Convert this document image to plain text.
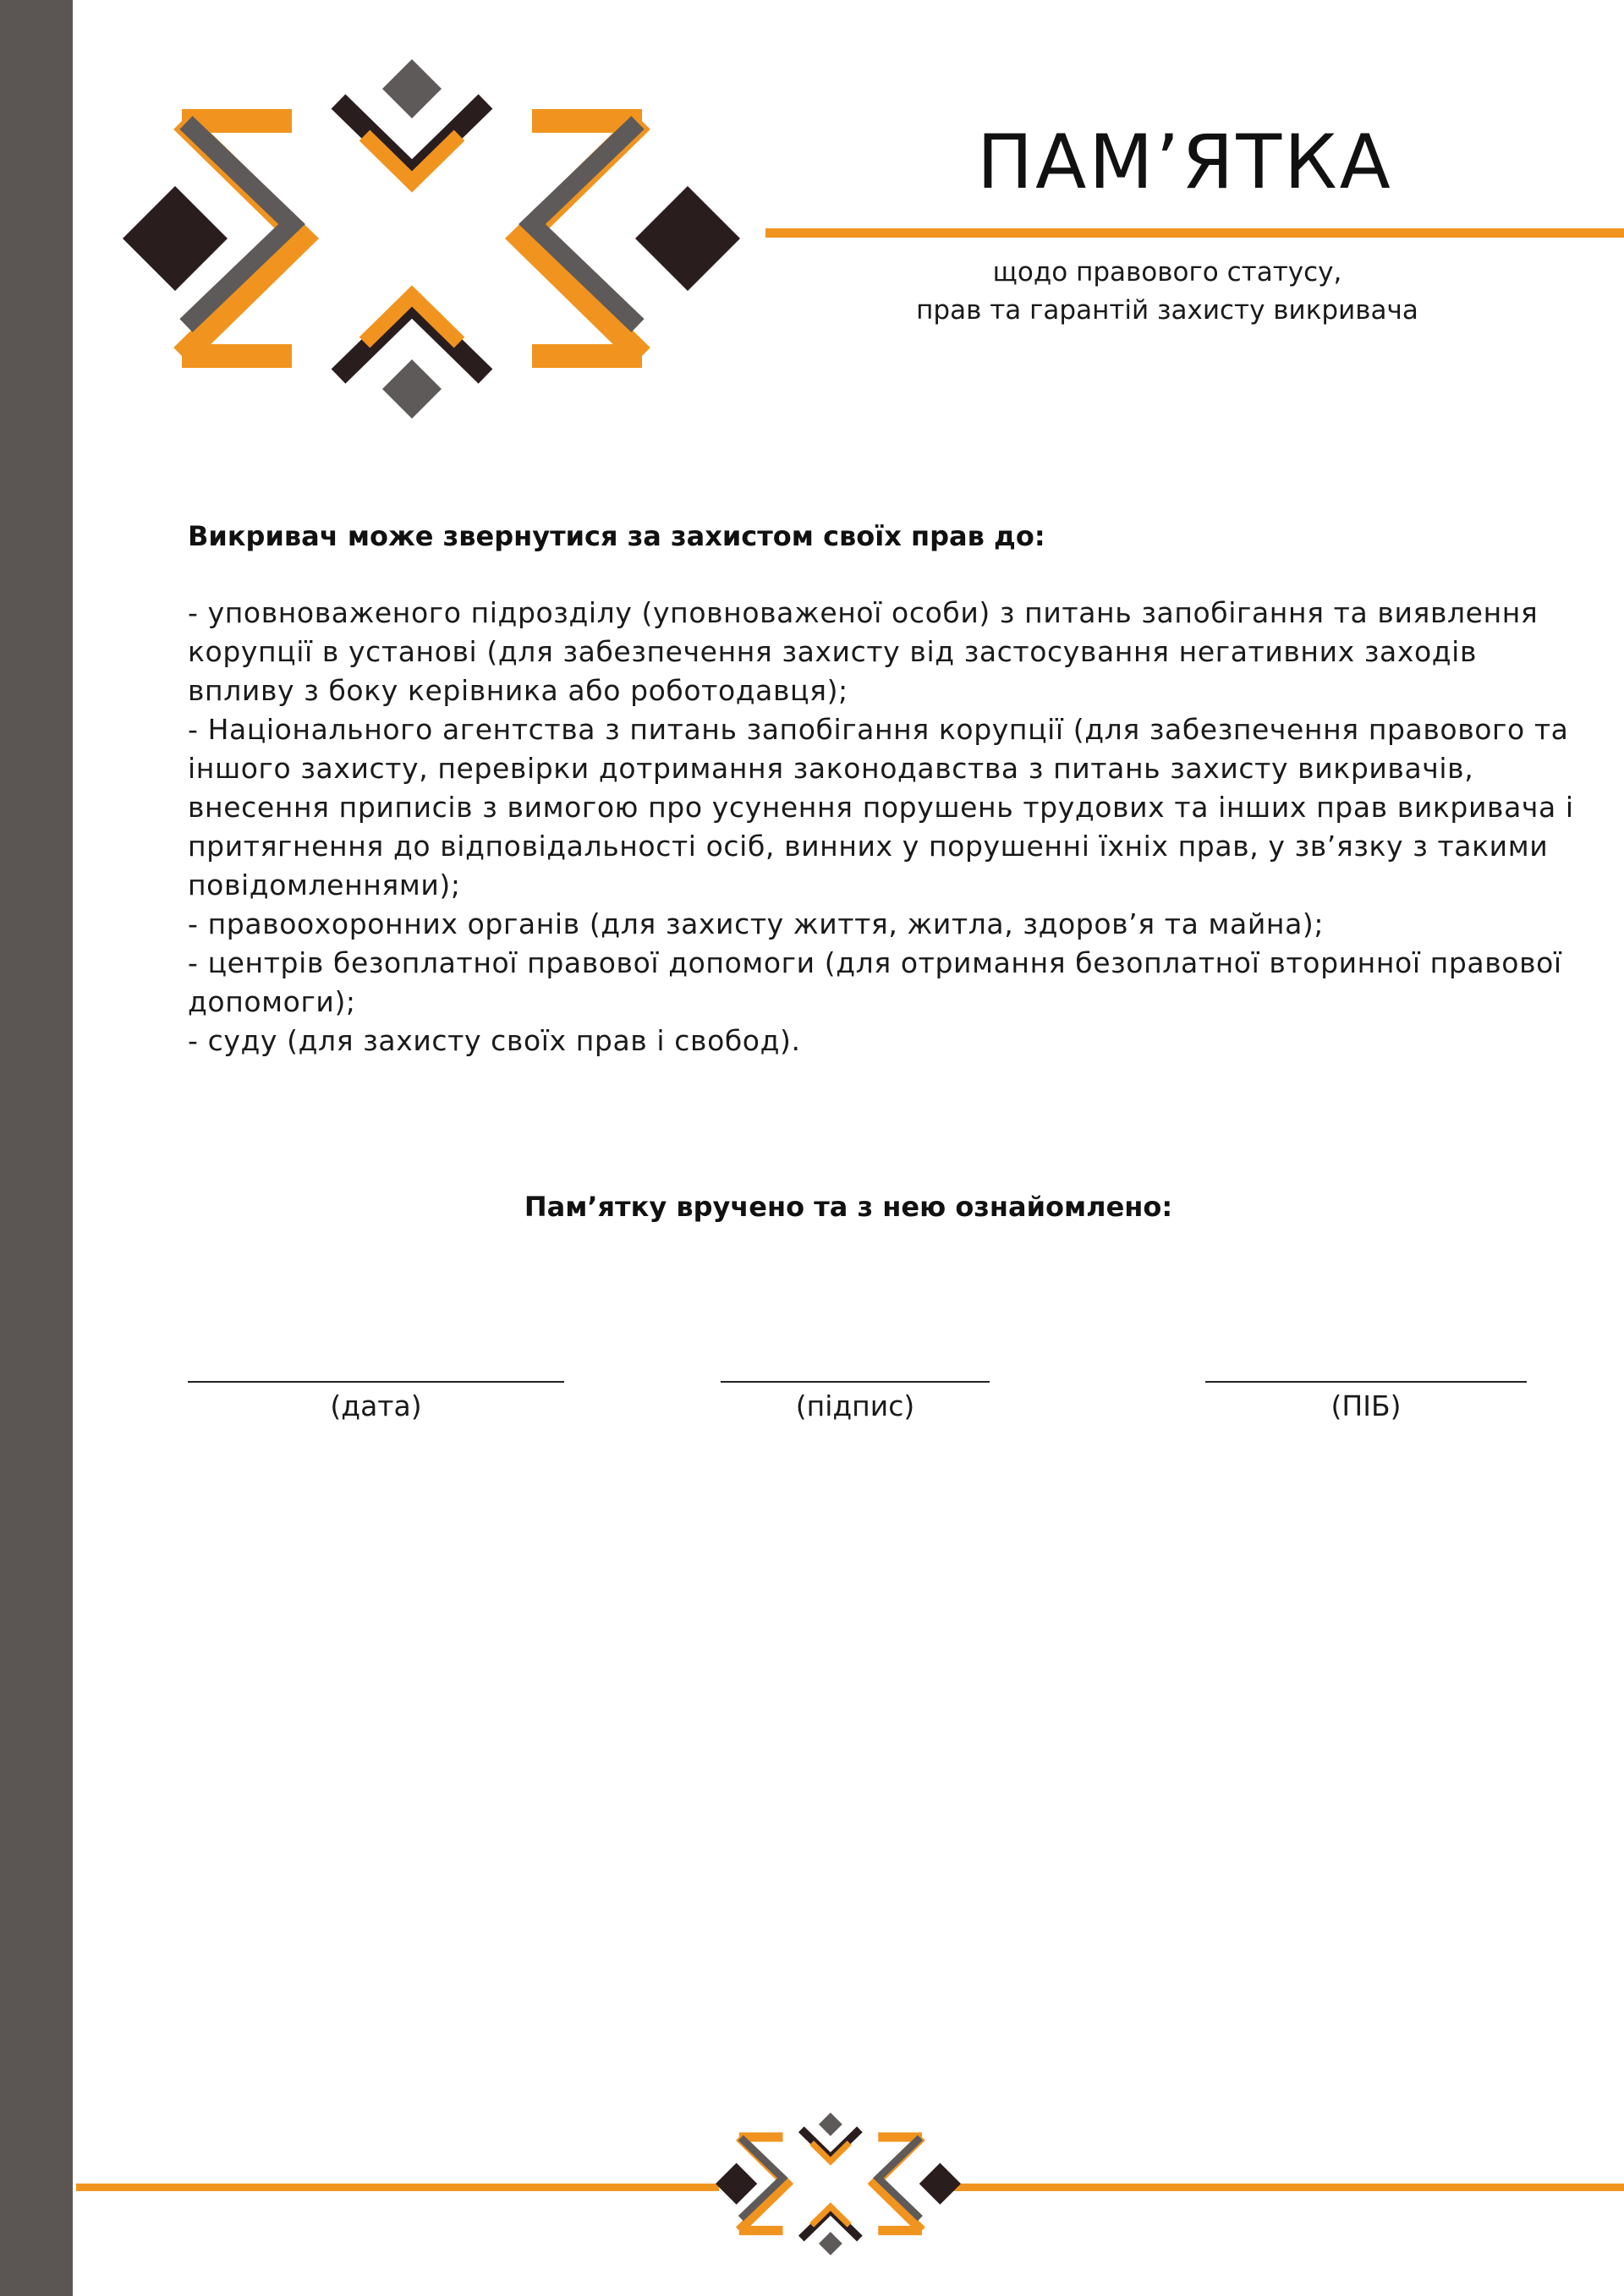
ПАМ’ЯТКА
щодо правового статусу,
прав та гарантій захисту викривача
Викривач може звернутися за захистом своїх прав до:
- уповноваженого підрозділу (уповноваженої особи) з питань запобігання та виявлення корупції в установі (для забезпечення захисту від застосування негативних заходів впливу з боку керівника або роботодавця);
- Національного агентства з питань запобігання корупції (для забезпечення правового та іншого захисту, перевірки дотримання законодавства з питань захисту викривачів, внесення приписів з вимогою про усунення порушень трудових та інших прав викривача і притягнення до відповідальності осіб, винних у порушенні їхніх прав, у зв’язку з такими повідомленнями);
- правоохоронних органів (для захисту життя, житла, здоров’я та майна);
- центрів безоплатної правової допомоги (для отримання безоплатної вторинної правової допомоги);
- суду (для захисту своїх прав і свобод).
Пам’ятку вручено та з нею ознайомлено:
(дата)	(підпис)	(ПІБ)
